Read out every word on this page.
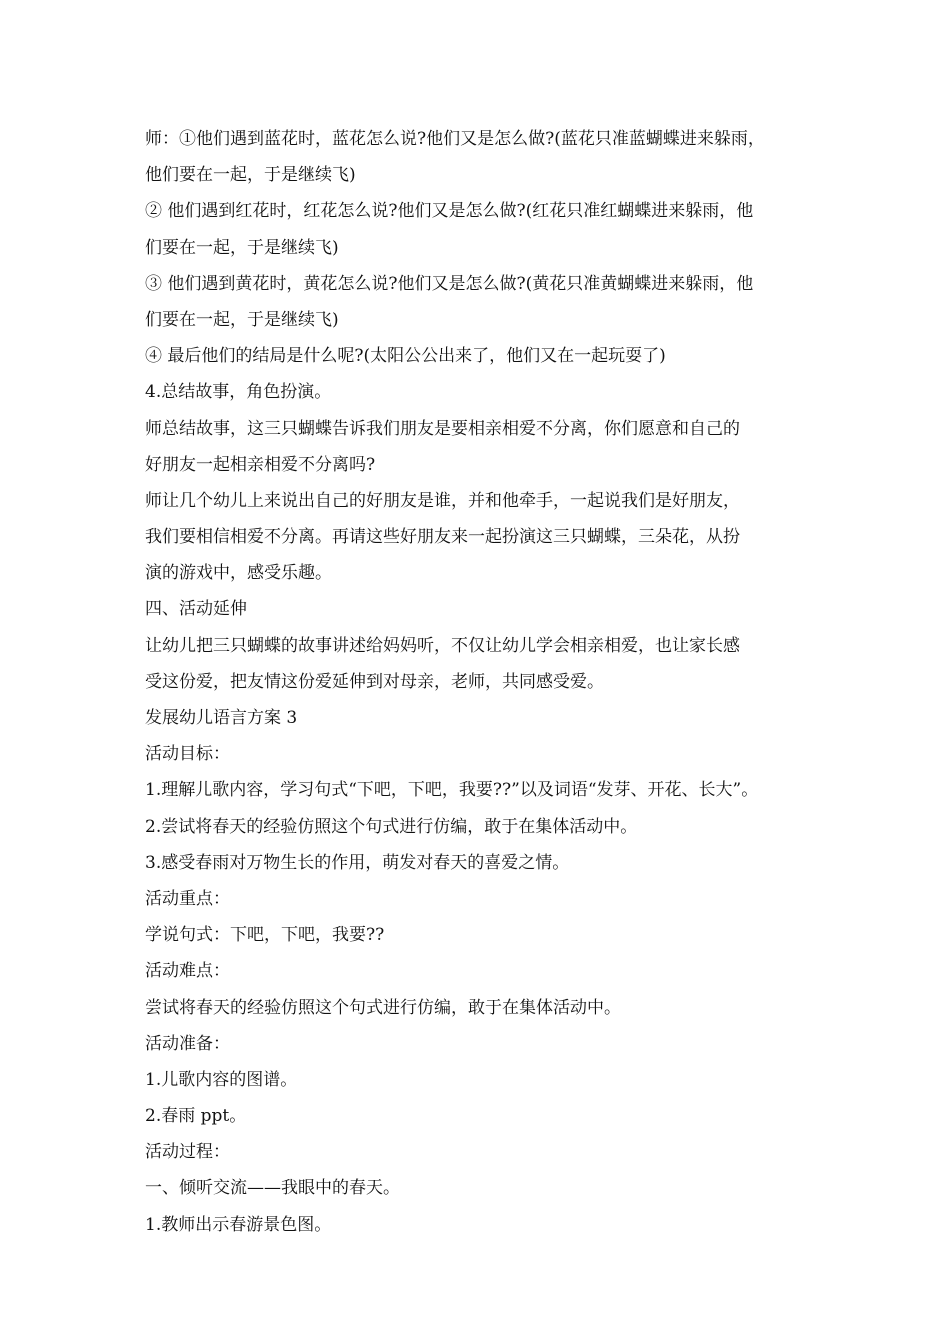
师：①他们遇到蓝花时，蓝花怎么说?他们又是怎么做?(蓝花只准蓝蝴蝶进来躲雨，
他们要在一起，于是继续飞)
② 他们遇到红花时，红花怎么说?他们又是怎么做?(红花只准红蝴蝶进来躲雨，他
们要在一起，于是继续飞)
③ 他们遇到黄花时，黄花怎么说?他们又是怎么做?(黄花只准黄蝴蝶进来躲雨，他
们要在一起，于是继续飞)
④ 最后他们的结局是什么呢?(太阳公公出来了，他们又在一起玩耍了)
4.总结故事，角色扮演。
师总结故事，这三只蝴蝶告诉我们朋友是要相亲相爱不分离，你们愿意和自己的
好朋友一起相亲相爱不分离吗?
师让几个幼儿上来说出自己的好朋友是谁，并和他牵手，一起说我们是好朋友，
我们要相信相爱不分离。再请这些好朋友来一起扮演这三只蝴蝶，三朵花，从扮
演的游戏中，感受乐趣。
四、活动延伸
让幼儿把三只蝴蝶的故事讲述给妈妈听，不仅让幼儿学会相亲相爱，也让家长感
受这份爱，把友情这份爱延伸到对母亲，老师，共同感受爱。
发展幼儿语言方案 3
活动目标：
1.理解儿歌内容，学习句式“下吧，下吧，我要??”以及词语“发芽、开花、长大”。
2.尝试将春天的经验仿照这个句式进行仿编，敢于在集体活动中。
3.感受春雨对万物生长的作用，萌发对春天的喜爱之情。
活动重点：
学说句式：下吧，下吧，我要??
活动难点：
尝试将春天的经验仿照这个句式进行仿编，敢于在集体活动中。
活动准备：
1.儿歌内容的图谱。
2.春雨 ppt。
活动过程：
一、倾听交流——我眼中的春天。
1.教师出示春游景色图。
